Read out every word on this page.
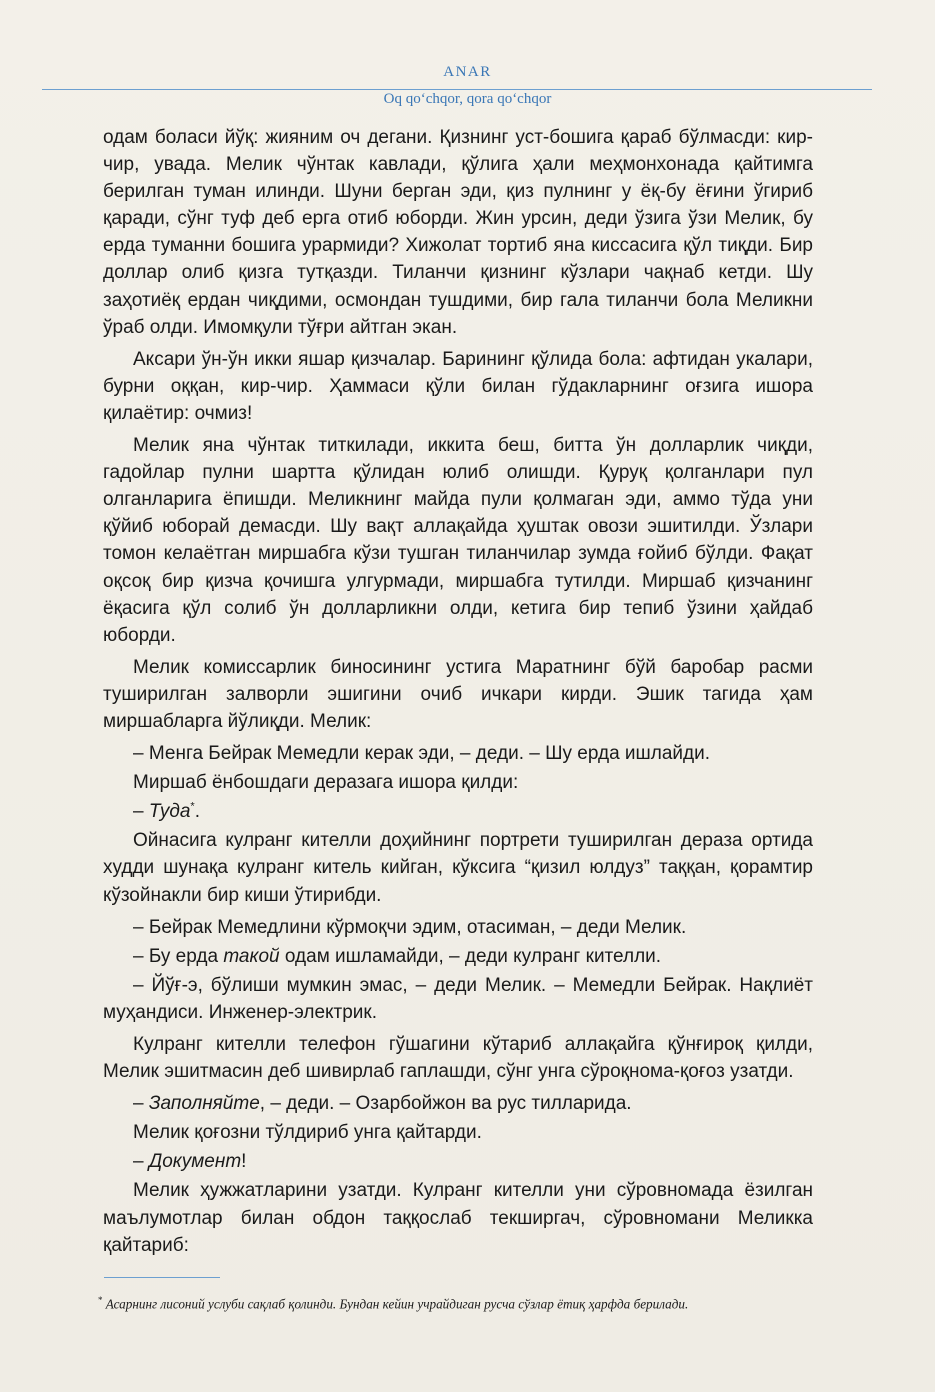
ANAR
Oq qo‘chqor, qora qo‘chqor

одам боласи йўқ: жияним оч дегани. Қизнинг уст-бошига қараб бўлмасди: кир-чир, увада. Мелик чўнтак кавлади, қўлига ҳали меҳмонхонада қайтимга берилган туман илинди. Шуни берган эди, қиз пулнинг у ёқ-бу ёғини ўгириб қаради, сўнг туф деб ерга отиб юборди. Жин урсин, деди ўзига ўзи Мелик, бу ерда туманни бошига урармиди? Хижолат тортиб яна киссасига қўл тиқди. Бир доллар олиб қизга тутқазди. Тиланчи қизнинг кўзлари чақнаб кетди. Шу заҳотиёқ ердан чиқдими, осмондан тушдими, бир гала тиланчи бола Меликни ўраб олди. Имомқули тўғри айтган экан.

Аксари ўн-ўн икки яшар қизчалар. Барининг қўлида бола: афтидан укалари, бурни оққан, кир-чир. Ҳаммаси қўли билан гўдакларнинг оғзига ишора қилаётир: очмиз!

Мелик яна чўнтак титкилади, иккита беш, битта ўн долларлик чиқди, гадойлар пулни шартта қўлидан юлиб олишди. Қуруқ қолганлари пул олганларига ёпишди. Меликнинг майда пули қолмаган эди, аммо тўда уни қўйиб юборай демасди. Шу вақт аллақайда ҳуштак овози эшитилди. Ўзлари томон келаётган миршабга кўзи тушган тиланчилар зумда ғойиб бўлди. Фақат оқсоқ бир қизча қочишга улгурмади, миршабга тутилди. Миршаб қизчанинг ёқасига қўл солиб ўн долларликни олди, кетига бир тепиб ўзини ҳайдаб юборди.

Мелик комиссарлик биносининг устига Маратнинг бўй баробар расми туширилган залворли эшигини очиб ичкари кирди. Эшик тагида ҳам миршабларга йўлиқди. Мелик:

– Менга Бейрак Мемедли керак эди, – деди. – Шу ерда ишлайди.

Миршаб ёнбошдаги деразага ишора қилди:

– Туда*.

Ойнасига кулранг кителли доҳийнинг портрети туширилган дераза ортида худди шунақа кулранг китель кийган, кўксига “қизил юлдуз” таққан, қорамтир кўзойнакли бир киши ўтирибди.

– Бейрак Мемедлини кўрмоқчи эдим, отасиман, – деди Мелик.

– Бу ерда такой одам ишламайди, – деди кулранг кителли.

– Йўғ-э, бўлиши мумкин эмас, – деди Мелик. – Мемедли Бейрак. Нақлиёт муҳандиси. Инженер-электрик.

Кулранг кителли телефон гўшагини кўтариб аллақайга қўнғироқ қилди, Мелик эшитмасин деб шивирлаб гаплашди, сўнг унга сўроқнома-қоғоз узатди.

– Заполняйте, – деди. – Озарбойжон ва рус тилларида.

Мелик қоғозни тўлдириб унга қайтарди.

– Документ!

Мелик ҳужжатларини узатди. Кулранг кителли уни сўровномада ёзилган маълумотлар билан обдон таққослаб текширгач, сўровномани Меликка қайтариб:

* Асарнинг лисоний услуби сақлаб қолинди. Бундан кейин учрайдиган русча сўзлар ётиқ ҳарфда берилади.
